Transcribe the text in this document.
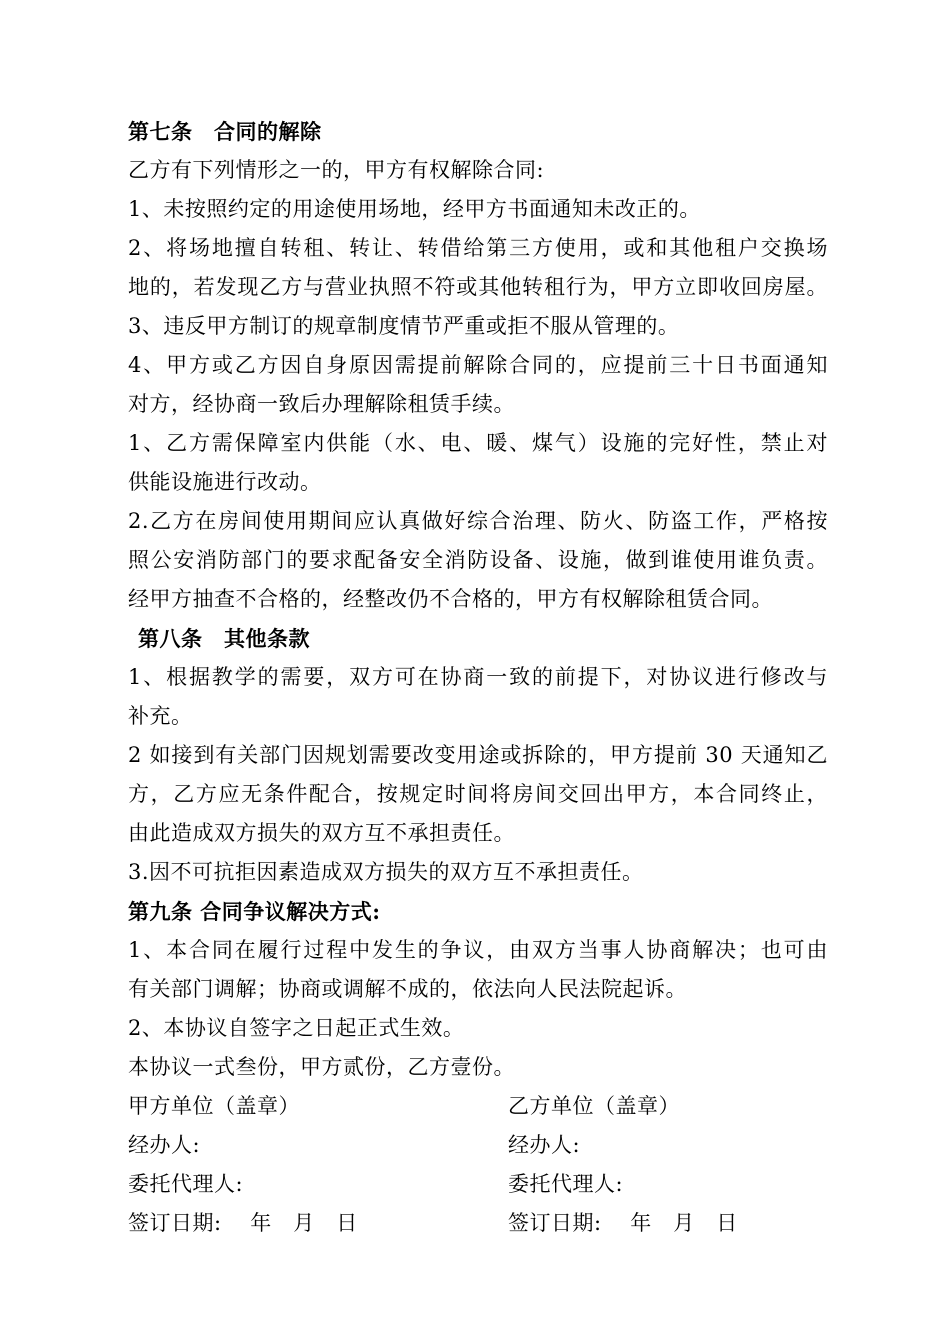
第七条　合同的解除
乙方有下列情形之一的，甲方有权解除合同:
1、未按照约定的用途使用场地，经甲方书面通知未改正的。
2、将场地擅自转租、转让、转借给第三方使用，或和其他租户交换场
地的，若发现乙方与营业执照不符或其他转租行为，甲方立即收回房屋。
3、违反甲方制订的规章制度情节严重或拒不服从管理的。
4、甲方或乙方因自身原因需提前解除合同的，应提前三十日书面通知
对方，经协商一致后办理解除租赁手续。
1、乙方需保障室内供能（水、电、暖、煤气）设施的完好性，禁止对
供能设施进行改动。
2.乙方在房间使用期间应认真做好综合治理、防火、防盗工作，严格按
照公安消防部门的要求配备安全消防设备、设施，做到谁使用谁负责。
经甲方抽查不合格的，经整改仍不合格的，甲方有权解除租赁合同。
第八条　其他条款
1、根据教学的需要，双方可在协商一致的前提下，对协议进行修改与
补充。
2 如接到有关部门因规划需要改变用途或拆除的，甲方提前 30 天通知乙
方，乙方应无条件配合，按规定时间将房间交回出甲方，本合同终止，
由此造成双方损失的双方互不承担责任。
3.因不可抗拒因素造成双方损失的双方互不承担责任。
第九条 合同争议解决方式:
1、本合同在履行过程中发生的争议，由双方当事人协商解决；也可由
有关部门调解；协商或调解不成的，依法向人民法院起诉。
2、本协议自签字之日起正式生效。
本协议一式叁份，甲方贰份，乙方壹份。
甲方单位（盖章）	乙方单位（盖章）
经办人:	经办人:
委托代理人:	委托代理人:
签订日期:　 年　月　日	签订日期:　 年　月　日
